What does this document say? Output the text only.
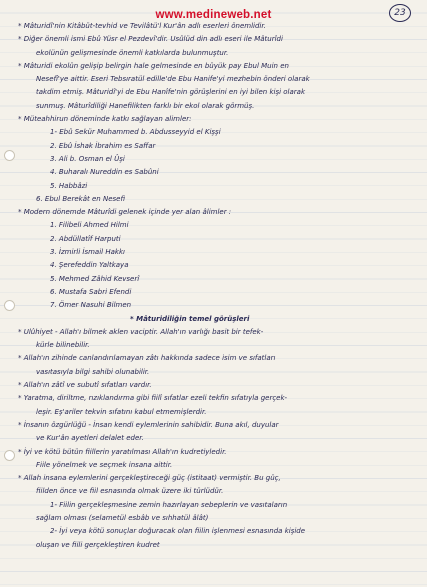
www.medineweb.net	23
* Mâturidî'nin Kitâbüt-tevhid ve Tevilâtü'l Kur'ân adlı eserleri önemlidir.
* Diğer önemli ismi Ebû Yüsr el Pezdevî'dir. Usûlüd din adlı eseri ile Mâturîdi
ekolünün gelişmesinde önemli katkılarda bulunmuştur.
* Mâturidi ekolün gelişip belirgin hale gelmesinde en büyük pay Ebul Muin en
Nesefî'ye aittir. Eseri Tebsıratül edille'de Ebu Hanife'yi mezhebin önderi olarak
takdim etmiş. Mâturidî'yi de Ebu Hanîfe'nin görüşlerini en iyi bilen kişi olarak
sunmuş. Mâturîdiliği Hanefilikten farklı bir ekol olarak görmüş.
* Müteahhirun döneminde katkı sağlayan alimler:
1- Ebû Sekür Muhammed b. Abdusseyyid el Kişşi
2. Ebû İshak İbrahim es Saffar
3. Ali b. Osman el Ûşi
4. Buharalı Nureddin es Sabûni
5. Habbâzi
6. Ebul Berekât en Nesefi
* Modern dönemde Mâturîdi gelenek içinde yer alan âlimler :
1. Filibeli Ahmed Hilmi
2. Abdüllatîf Harputi
3. İzmirli İsmail Hakkı
4. Şerefeddin Yaltkaya
5. Mehmed Zâhid Kevserî
6. Mustafa Sabri Efendi
7. Ömer Nasuhi Bilmen
* Mâturidiliğin temel görüşleri
* Ulûhiyet - Allah'ı bilmek aklen vaciptir. Allah'ın varlığı basit bir tefek-
kürle bilinebilir.
* Allah'ın zihinde canlandırılamayan zâtı hakkında sadece isim ve sıfatları
vasıtasıyla bilgi sahibi olunabilir.
* Allah'ın zâtî ve subutî sıfatları vardır.
* Yaratma, diriltme, rızıklandırma gibi fiilî sıfatlar ezeli tekfin sıfatıyla gerçek-
leşir. Eş'ariler tekvin sıfatını kabul etmemişlerdir.
* İnsanın özgürlüğü - İnsan kendi eylemlerinin sahibidir. Buna akıl, duyular
ve Kur'ân ayetleri delalet eder.
* İyi ve kötü bütün fiillerin yaratılması Allah'ın kudretiyledir.
Fiile yönelmek ve seçmek insana aittir.
* Allah insana eylemlerini gerçekleştireceği güç (istitaat) vermiştir. Bu güç,
fiilden önce ve fiil esnasında olmak üzere iki türlüdür.
1- Fiilin gerçekleşmesine zemin hazırlayan sebeplerin ve vasıtaların
sağlam olması (selametül esbâb ve sıhhatül âlât)
2- İyi veya kötü sonuçlar doğuracak olan fiilin işlenmesi esnasında kişide
oluşan ve fiili gerçekleştiren kudret
